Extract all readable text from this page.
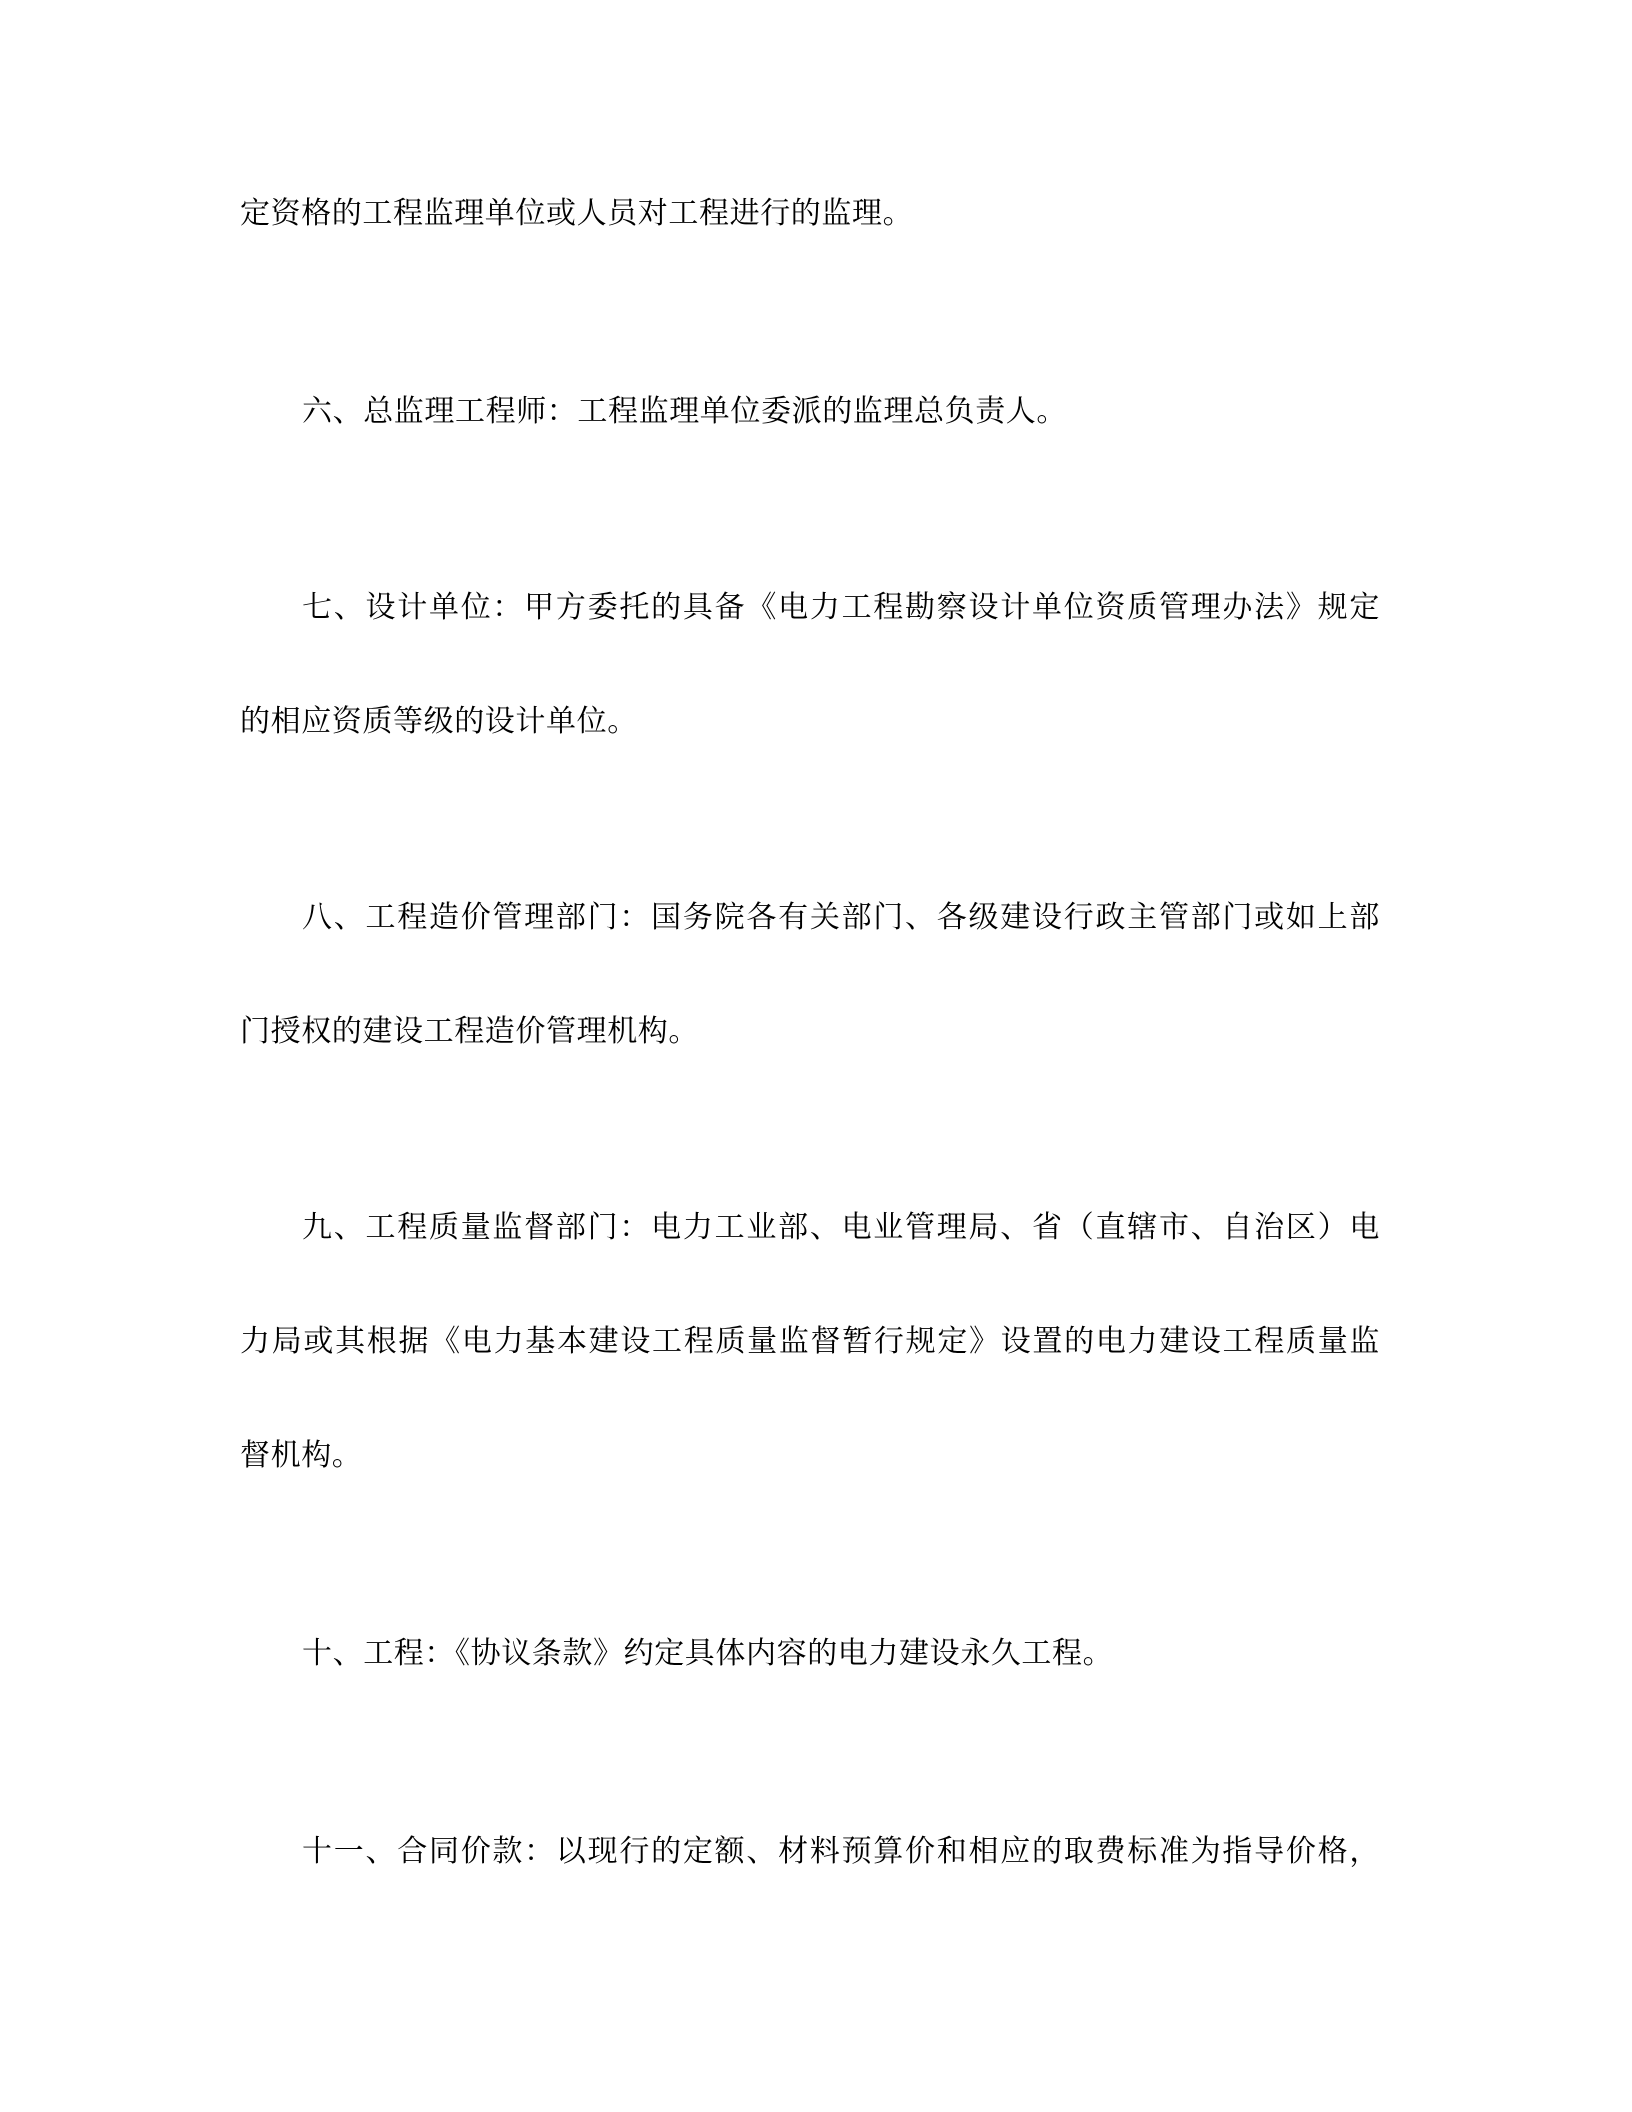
定资格的工程监理单位或人员对工程进行的监理。
六、总监理工程师：工程监理单位委派的监理总负责人。
七、设计单位：甲方委托的具备《电力工程勘察设计单位资质管理办法》规定
的相应资质等级的设计单位。
八、工程造价管理部门：国务院各有关部门、各级建设行政主管部门或如上部
门授权的建设工程造价管理机构。
九、工程质量监督部门：电力工业部、电业管理局、省（直辖市、自治区）电
力局或其根据《电力基本建设工程质量监督暂行规定》设置的电力建设工程质量监
督机构。
十、工程：《协议条款》约定具体内容的电力建设永久工程。
十一、合同价款：以现行的定额、材料预算价和相应的取费标准为指导价格，
